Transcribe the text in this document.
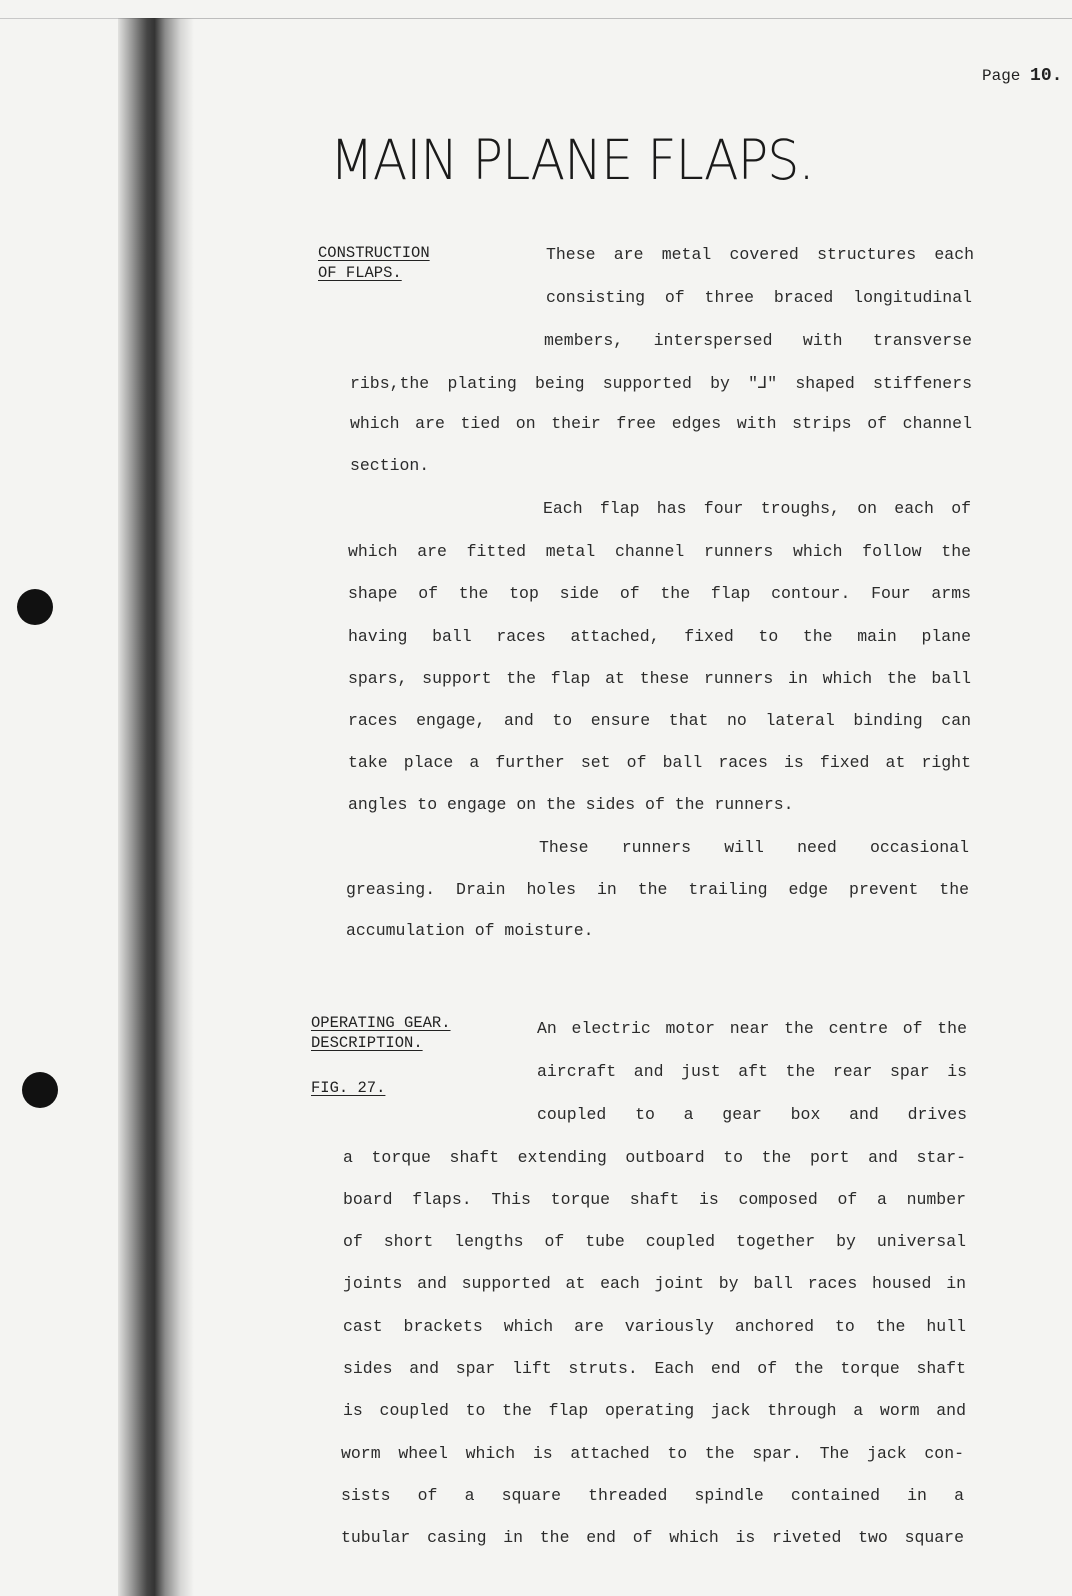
Page 10.
MAIN PLANE FLAPS.
CONSTRUCTION
OF FLAPS.
These are metal covered structures each
consisting of three braced longitudinal
members, interspersed with transverse
ribs,the plating being supported by "⅃" shaped stiffeners
which are tied on their free edges with strips of channel
section.
Each flap has four troughs, on each of
which are fitted metal channel runners which follow the
shape of the top side of the flap contour. Four arms
having ball races attached, fixed to the main plane
spars, support the flap at these runners in which the ball
races engage, and to ensure that no lateral binding can
take place a further set of ball races is fixed at right
angles to engage on the sides of the runners.
These runners will need occasional
greasing. Drain holes in the trailing edge prevent the
accumulation of moisture.
OPERATING GEAR.
DESCRIPTION.
FIG. 27.
An electric motor near the centre of the
aircraft and just aft the rear spar is
coupled to a gear box and drives
a torque shaft extending outboard to the port and star-
board flaps. This torque shaft is composed of a number
of short lengths of tube coupled together by universal
joints and supported at each joint by ball races housed in
cast brackets which are variously anchored to the hull
sides and spar lift struts. Each end of the torque shaft
is coupled to the flap operating jack through a worm and
worm wheel which is attached to the spar. The jack con-
sists of a square threaded spindle contained in a
tubular casing in the end of which is riveted two square
